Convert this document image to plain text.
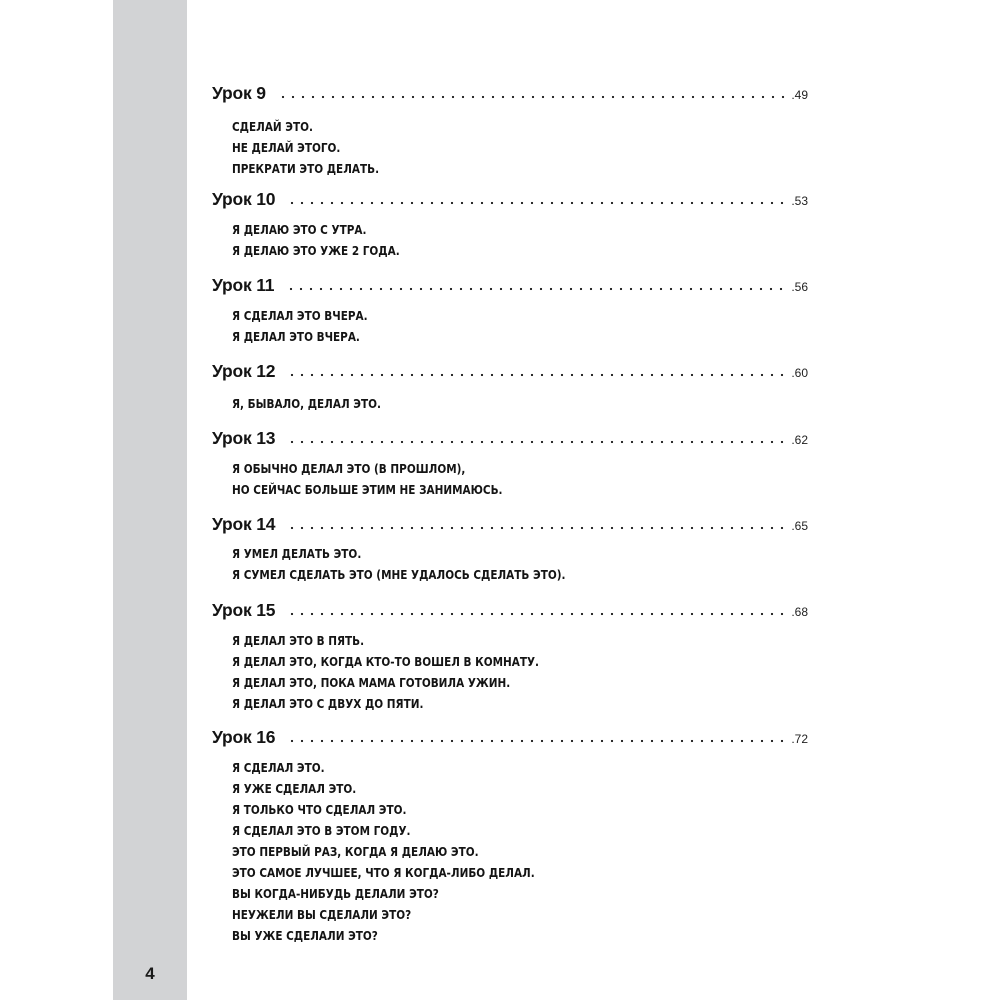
4
Урок 9	.49
СДЕЛАЙ ЭТО.
НЕ ДЕЛАЙ ЭТОГО.
ПРЕКРАТИ ЭТО ДЕЛАТЬ.
Урок 10	.53
Я ДЕЛАЮ ЭТО С УТРА.
Я ДЕЛАЮ ЭТО УЖЕ 2 ГОДА.
Урок 11	.56
Я СДЕЛАЛ ЭТО ВЧЕРА.
Я ДЕЛАЛ ЭТО ВЧЕРА.
Урок 12	.60
Я, БЫВАЛО, ДЕЛАЛ ЭТО.
Урок 13	.62
Я ОБЫЧНО ДЕЛАЛ ЭТО (В ПРОШЛОМ),
НО СЕЙЧАС БОЛЬШЕ ЭТИМ НЕ ЗАНИМАЮСЬ.
Урок 14	.65
Я УМЕЛ ДЕЛАТЬ ЭТО.
Я СУМЕЛ СДЕЛАТЬ ЭТО (МНЕ УДАЛОСЬ СДЕЛАТЬ ЭТО).
Урок 15	.68
Я ДЕЛАЛ ЭТО В ПЯТЬ.
Я ДЕЛАЛ ЭТО, КОГДА КТО-ТО ВОШЕЛ В КОМНАТУ.
Я ДЕЛАЛ ЭТО, ПОКА МАМА ГОТОВИЛА УЖИН.
Я ДЕЛАЛ ЭТО С ДВУХ ДО ПЯТИ.
Урок 16	.72
Я СДЕЛАЛ ЭТО.
Я УЖЕ СДЕЛАЛ ЭТО.
Я ТОЛЬКО ЧТО СДЕЛАЛ ЭТО.
Я СДЕЛАЛ ЭТО В ЭТОМ ГОДУ.
ЭТО ПЕРВЫЙ РАЗ, КОГДА Я ДЕЛАЮ ЭТО.
ЭТО САМОЕ ЛУЧШЕЕ, ЧТО Я КОГДА-ЛИБО ДЕЛАЛ.
ВЫ КОГДА-НИБУДЬ ДЕЛАЛИ ЭТО?
НЕУЖЕЛИ ВЫ СДЕЛАЛИ ЭТО?
ВЫ УЖЕ СДЕЛАЛИ ЭТО?
